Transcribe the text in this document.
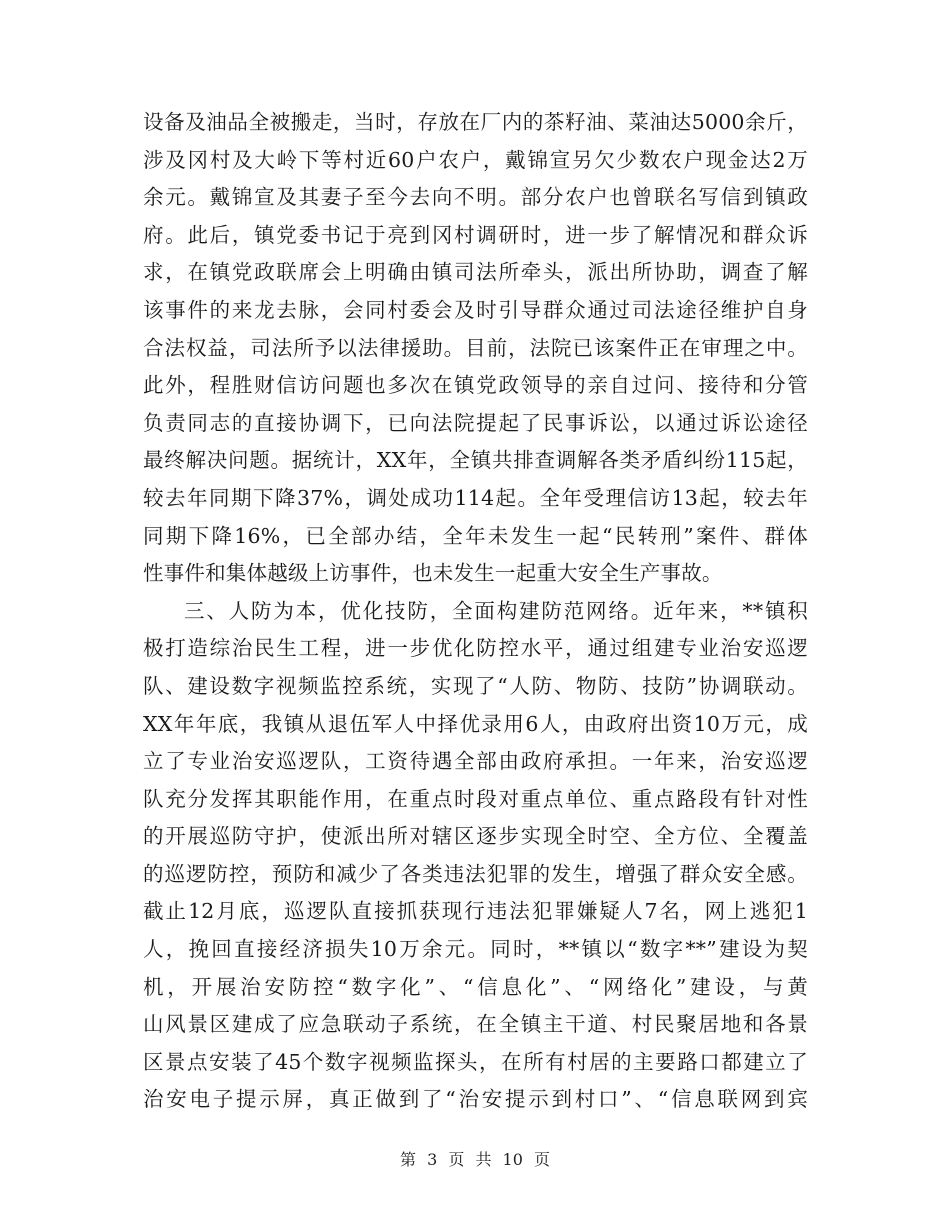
设备及油品全被搬走，当时，存放在厂内的茶籽油、菜油达5000余斤，
涉及冈村及大岭下等村近60户农户，戴锦宣另欠少数农户现金达2万
余元。戴锦宣及其妻子至今去向不明。部分农户也曾联名写信到镇政
府。此后，镇党委书记于亮到冈村调研时，进一步了解情况和群众诉
求，在镇党政联席会上明确由镇司法所牵头，派出所协助，调查了解
该事件的来龙去脉，会同村委会及时引导群众通过司法途径维护自身
合法权益，司法所予以法律援助。目前，法院已该案件正在审理之中。
此外，程胜财信访问题也多次在镇党政领导的亲自过问、接待和分管
负责同志的直接协调下，已向法院提起了民事诉讼，以通过诉讼途径
最终解决问题。据统计，XX年，全镇共排查调解各类矛盾纠纷115起，
较去年同期下降37%，调处成功114起。全年受理信访13起，较去年
同期下降16%，已全部办结，全年未发生一起“民转刑”案件、群体
性事件和集体越级上访事件，也未发生一起重大安全生产事故。
三、人防为本，优化技防，全面构建防范网络。近年来，**镇积
极打造综治民生工程，进一步优化防控水平，通过组建专业治安巡逻
队、建设数字视频监控系统，实现了“人防、物防、技防”协调联动。
XX年年底，我镇从退伍军人中择优录用6人，由政府出资10万元，成
立了专业治安巡逻队，工资待遇全部由政府承担。一年来，治安巡逻
队充分发挥其职能作用，在重点时段对重点单位、重点路段有针对性
的开展巡防守护，使派出所对辖区逐步实现全时空、全方位、全覆盖
的巡逻防控，预防和减少了各类违法犯罪的发生，增强了群众安全感。
截止12月底，巡逻队直接抓获现行违法犯罪嫌疑人7名，网上逃犯1
人，挽回直接经济损失10万余元。同时，**镇以“数字**”建设为契
机，开展治安防控“数字化”、“信息化”、“网络化”建设，与黄
山风景区建成了应急联动子系统，在全镇主干道、村民聚居地和各景
区景点安装了45个数字视频监探头，在所有村居的主要路口都建立了
治安电子提示屏，真正做到了“治安提示到村口”、“信息联网到宾
第 3 页 共 10 页
